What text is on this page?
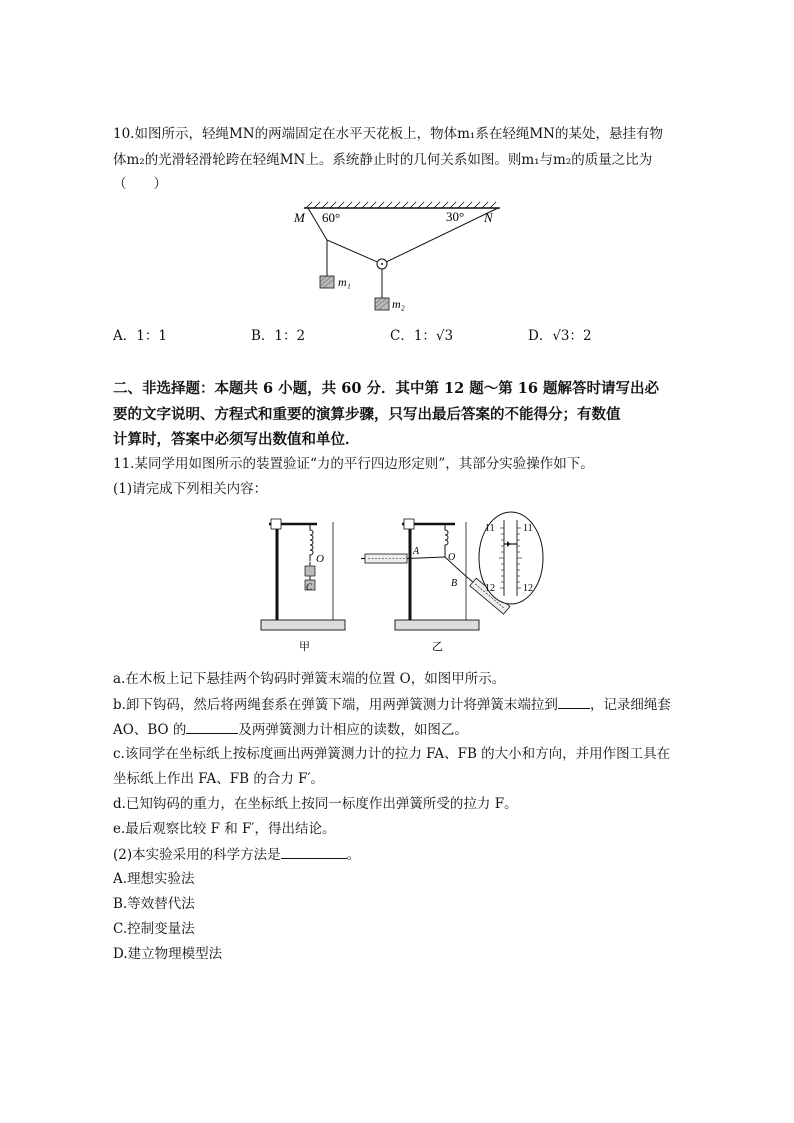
10.如图所示，轻绳MN的两端固定在水平天花板上，物体m₁系在轻绳MN的某处，悬挂有物
体m₂的光滑轻滑轮跨在轻绳MN上。系统静止时的几何关系如图。则m₁与m₂的质量之比为
（　　）
M 60°	30° N
m₁
m₂
A．1：1	B．1：2	C．1：√3	D．√3：2
二、非选择题：本题共 6 小题，共 60 分．其中第 12 题～第 16 题解答时请写出必
要的文字说明、方程式和重要的演算步骤，只写出最后答案的不能得分；有数值
计算时，答案中必须写出数值和单位．
11.某同学用如图所示的装置验证“力的平行四边形定则”，其部分实验操作如下。
(1)请完成下列相关内容：
O
C
甲
A
O
B
乙
11	11
12	12
a.在木板上记下悬挂两个钩码时弹簧末端的位置 O，如图甲所示。
b.卸下钩码，然后将两绳套系在弹簧下端，用两弹簧测力计将弹簧末端拉到 ，记录细绳套
AO、BO 的	及两弹簧测力计相应的读数，如图乙。
c.该同学在坐标纸上按标度画出两弹簧测力计的拉力 FA、FB 的大小和方向，并用作图工具在
坐标纸上作出 FA、FB 的合力 F′。
d.已知钩码的重力，在坐标纸上按同一标度作出弹簧所受的拉力 F。
e.最后观察比较 F 和 F′，得出结论。
(2)本实验采用的科学方法是	。
A.理想实验法
B.等效替代法
C.控制变量法
D.建立物理模型法
